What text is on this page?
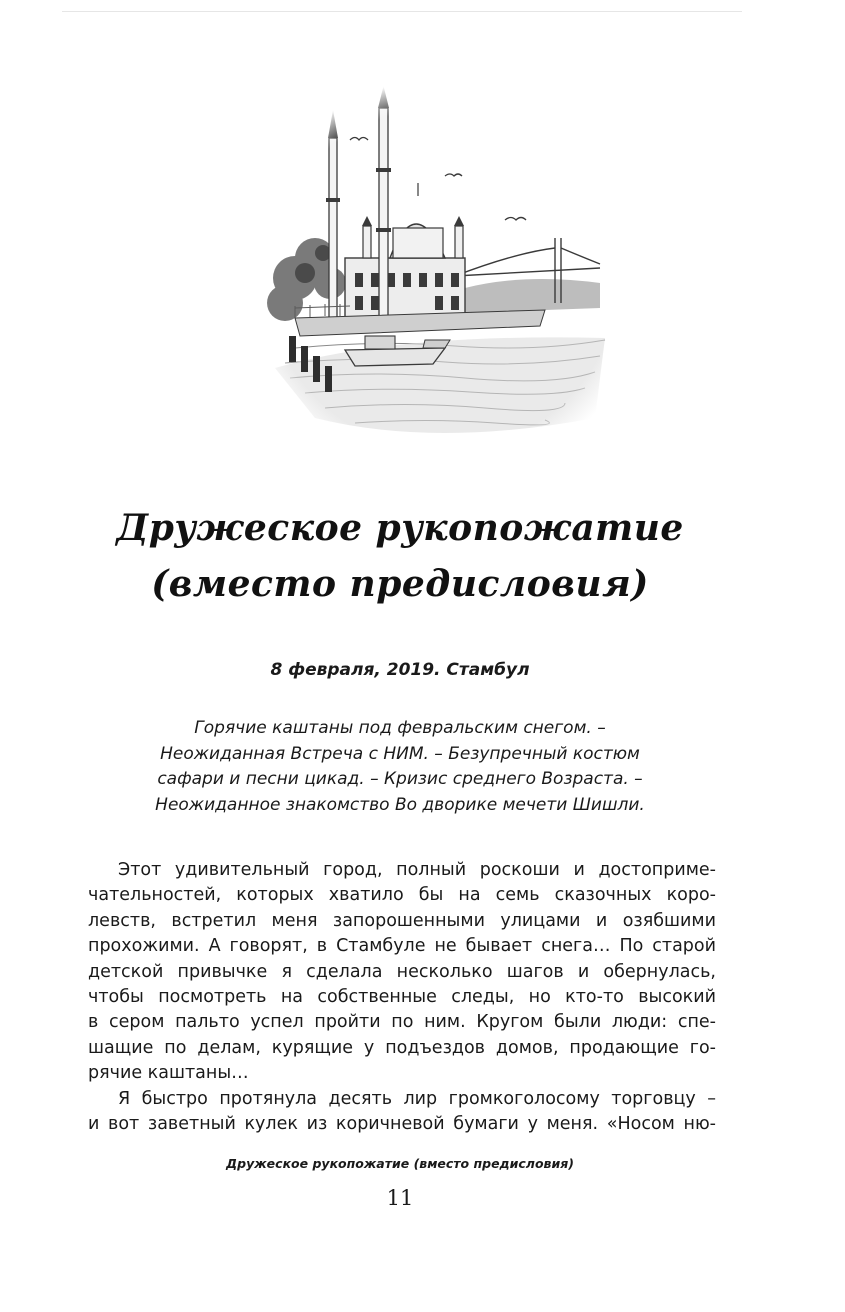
Дружеское рукопожатие
(вместо предисловия)
8 февраля, 2019. Стамбул
Горячие каштаны под февральским снегом. –
Неожиданная Встреча с НИМ. – Безупречный костюм
сафари и песни цикад. – Кризис среднего Возраста. –
Неожиданное знакомство Во дворике мечети Шишли.
Этот удивительный город, полный роскоши и достоприме-
чательностей, которых хватило бы на семь сказочных коро-
левств, встретил меня запорошенными улицами и озябшими
прохожими. А говорят, в Стамбуле не бывает снега… По старой
детской привычке я сделала несколько шагов и обернулась,
чтобы посмотреть на собственные следы, но кто-то высокий
в сером пальто успел пройти по ним. Кругом были люди: спе-
шащие по делам, курящие у подъездов домов, продающие го-
рячие каштаны…
Я быстро протянула десять лир громкоголосому торговцу –
и вот заветный кулек из коричневой бумаги у меня. «Носом ню-
Дружеское рукопожатие (вместо предисловия)
11
